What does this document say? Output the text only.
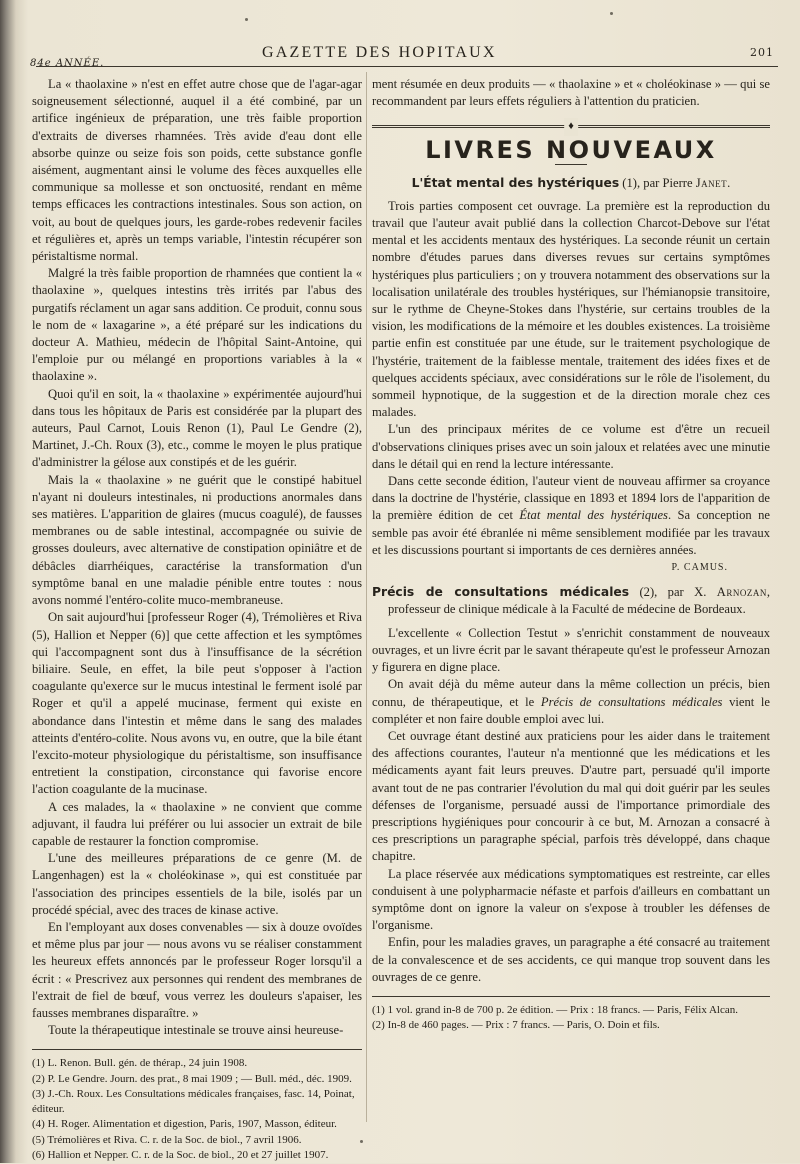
84e ANNÉE.
GAZETTE DES HOPITAUX	201

La « thaolaxine » n'est en effet autre chose que de l'agar-agar soigneusement sélectionné, auquel il a été combiné, par un artifice ingénieux de préparation, une très faible proportion d'extraits de diverses rhamnées. Très avide d'eau dont elle absorbe quinze ou seize fois son poids, cette substance gonfle aisément, augmentant ainsi le volume des fèces auxquelles elle communique sa mollesse et son onctuosité, rendant en même temps efficaces les contractions intestinales. Sous son action, on voit, au bout de quelques jours, les garde-robes redevenir faciles et régulières et, après un temps variable, l'intestin récupérer son péristaltisme normal.

Malgré la très faible proportion de rhamnées que contient la « thaolaxine », quelques intestins très irrités par l'abus des purgatifs réclament un agar sans addition. Ce produit, connu sous le nom de « laxagarine », a été préparé sur les indications du docteur A. Mathieu, médecin de l'hôpital Saint-Antoine, qui l'emploie pur ou mélangé en proportions variables à la « thaolaxine ».

Quoi qu'il en soit, la « thaolaxine » expérimentée aujourd'hui dans tous les hôpitaux de Paris est considérée par la plupart des auteurs, Paul Carnot, Louis Renon (1), Paul Le Gendre (2), Martinet, J.-Ch. Roux (3), etc., comme le moyen le plus pratique d'administrer la gélose aux constipés et de les guérir.

Mais la « thaolaxine » ne guérit que le constipé habituel n'ayant ni douleurs intestinales, ni productions anormales dans ses matières. L'apparition de glaires (mucus coagulé), de fausses membranes ou de sable intestinal, accompagnée ou suivie de grosses douleurs, avec alternative de constipation opiniâtre et de débâcles diarrhéiques, caractérise la transformation d'un symptôme banal en une maladie pénible entre toutes : nous avons nommé l'entéro-colite muco-membraneuse.

On sait aujourd'hui [professeur Roger (4), Trémolières et Riva (5), Hallion et Nepper (6)] que cette affection et les symptômes qui l'accompagnent sont dus à l'insuffisance de la sécrétion biliaire. Seule, en effet, la bile peut s'opposer à l'action coagulante qu'exerce sur le mucus intestinal le ferment isolé par Roger et qu'il a appelé mucinase, ferment qui existe en abondance dans l'intestin et même dans le sang des malades atteints d'entéro-colite. Nous avons vu, en outre, que la bile étant l'excito-moteur physiologique du péristaltisme, son insuffisance entretient la constipation, circonstance qui favorise encore l'action coagulante de la mucinase.

A ces malades, la « thaolaxine » ne convient que comme adjuvant, il faudra lui préférer ou lui associer un extrait de bile capable de restaurer la fonction compromise.

L'une des meilleures préparations de ce genre (M. de Langenhagen) est la « choléokinase », qui est constituée par l'association des principes essentiels de la bile, isolés par un procédé spécial, avec des traces de kinase active.

En l'employant aux doses convenables — six à douze ovoïdes et même plus par jour — nous avons vu se réaliser constamment les heureux effets annoncés par le professeur Roger lorsqu'il a écrit : « Prescrivez aux personnes qui rendent des membranes de l'extrait de fiel de bœuf, vous verrez les douleurs s'apaiser, les fausses membranes disparaître. »

Toute la thérapeutique intestinale se trouve ainsi heureuse-

(1) L. Renon. Bull. gén. de thérap., 24 juin 1908.

(2) P. Le Gendre. Journ. des prat., 8 mai 1909 ; — Bull. méd., déc. 1909.

(3) J.-Ch. Roux. Les Consultations médicales françaises, fasc. 14, Poinat, éditeur.

(4) H. Roger. Alimentation et digestion, Paris, 1907, Masson, éditeur.

(5) Trémolières et Riva. C. r. de la Soc. de biol., 7 avril 1906.

(6) Hallion et Nepper. C. r. de la Soc. de biol., 20 et 27 juillet 1907.

ment résumée en deux produits — « thaolaxine » et « choléokinase » — qui se recommandent par leurs effets réguliers à l'attention du praticien.

♦
LIVRES NOUVEAUX

L'État mental des hystériques (1), par Pierre Janet.

Trois parties composent cet ouvrage. La première est la reproduction du travail que l'auteur avait publié dans la collection Charcot-Debove sur l'état mental et les accidents mentaux des hystériques. La seconde réunit un certain nombre d'études parues dans diverses revues sur certains symptômes hystériques plus particuliers ; on y trouvera notamment des observations sur la localisation unilatérale des troubles hystériques, sur l'hémianopsie transitoire, sur le rythme de Cheyne-Stokes dans l'hystérie, sur certains troubles de la vision, les modifications de la mémoire et les doubles existences. La troisième partie enfin est constituée par une étude, sur le traitement psychologique de l'hystérie, traitement de la faiblesse mentale, traitement des idées fixes et de quelques accidents spéciaux, avec considérations sur le rôle de l'isolement, du sommeil hypnotique, de la suggestion et de la direction morale chez ces malades.

L'un des principaux mérites de ce volume est d'être un recueil d'observations cliniques prises avec un soin jaloux et relatées avec une minutie dans le détail qui en rend la lecture intéressante.

Dans cette seconde édition, l'auteur vient de nouveau affirmer sa croyance dans la doctrine de l'hystérie, classique en 1893 et 1894 lors de l'apparition de la première édition de cet État mental des hystériques. Sa conception ne semble pas avoir été ébranlée ni même sensiblement modifiée par les travaux et les discussions pourtant si importants de ces dernières années.

P. CAMUS.

Précis de consultations médicales (2), par X. Arnozan, professeur de clinique médicale à la Faculté de médecine de Bordeaux.

L'excellente « Collection Testut » s'enrichit constamment de nouveaux ouvrages, et un livre écrit par le savant thérapeute qu'est le professeur Arnozan y figurera en digne place.

On avait déjà du même auteur dans la même collection un précis, bien connu, de thérapeutique, et le Précis de consultations médicales vient le compléter et non faire double emploi avec lui.

Cet ouvrage étant destiné aux praticiens pour les aider dans le traitement des affections courantes, l'auteur n'a mentionné que les médications et les médicaments ayant fait leurs preuves. D'autre part, persuadé qu'il importe avant tout de ne pas contrarier l'évolution du mal qui doit guérir par les seules défenses de l'organisme, persuadé aussi de l'importance primordiale des prescriptions hygiéniques pour concourir à ce but, M. Arnozan a consacré à ces prescriptions un paragraphe spécial, parfois très développé, dans chaque chapitre.

La place réservée aux médications symptomatiques est restreinte, car elles conduisent à une polypharmacie néfaste et parfois d'ailleurs en combattant un symptôme dont on ignore la valeur on s'expose à troubler les défenses de l'organisme.

Enfin, pour les maladies graves, un paragraphe a été consacré au traitement de la convalescence et de ses accidents, ce qui manque trop souvent dans les ouvrages de ce genre.

(1) 1 vol. grand in-8 de 700 p. 2e édition. — Prix : 18 francs. — Paris, Félix Alcan.

(2) In-8 de 460 pages. — Prix : 7 francs. — Paris, O. Doin et fils.
